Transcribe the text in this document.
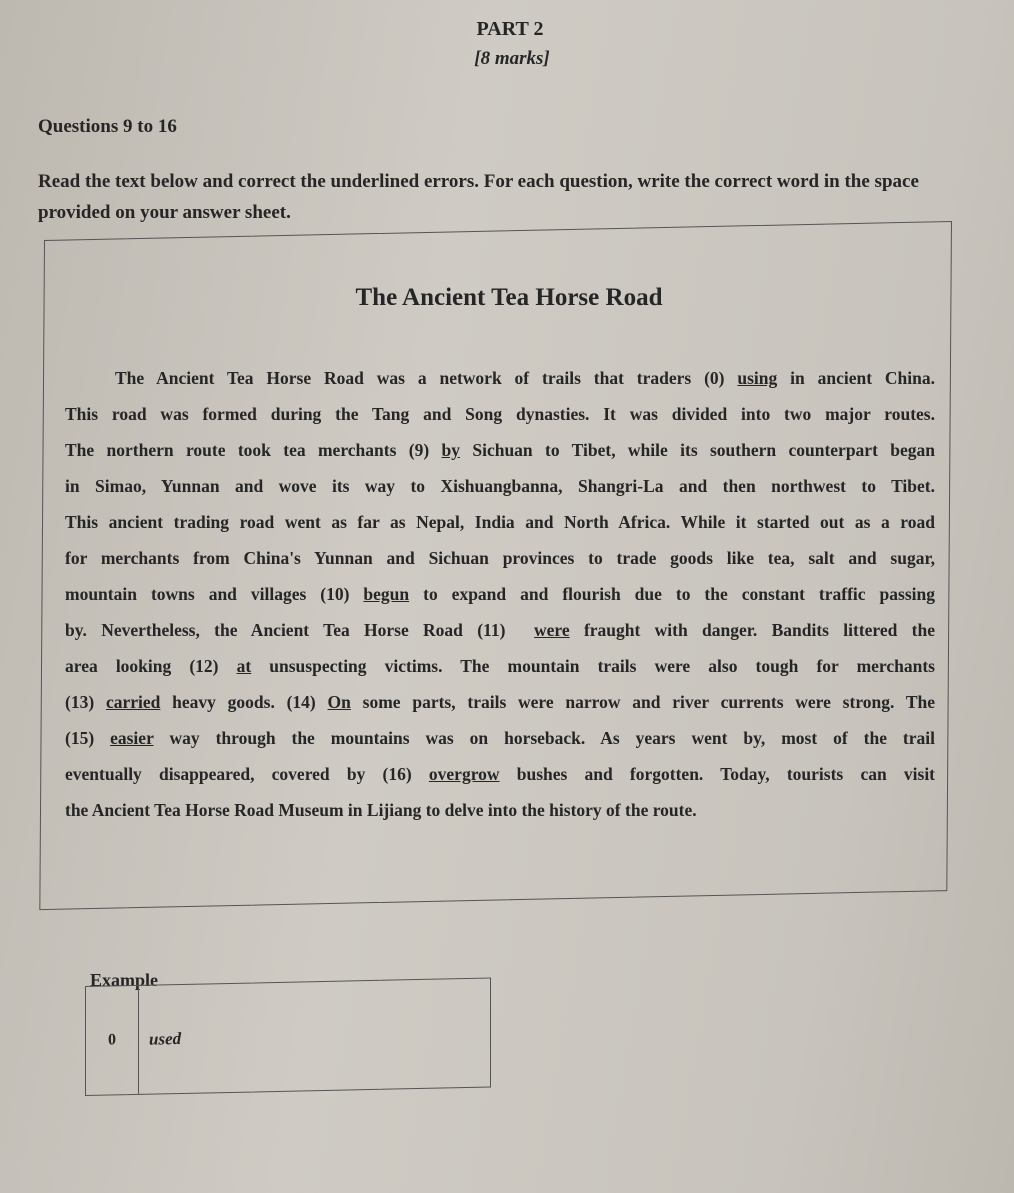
PART 2
[8 marks]
Questions 9 to 16
Read the text below and correct the underlined errors. For each question, write the correct word in the space provided on your answer sheet.
The Ancient Tea Horse Road
The Ancient Tea Horse Road was a network of trails that traders (0) using in ancient China.
This road was formed during the Tang and Song dynasties. It was divided into two major routes.
The northern route took tea merchants (9) by Sichuan to Tibet, while its southern counterpart began
in Simao, Yunnan and wove its way to Xishuangbanna, Shangri-La and then northwest to Tibet.
This ancient trading road went as far as Nepal, India and North Africa. While it started out as a road
for merchants from China's Yunnan and Sichuan provinces to trade goods like tea, salt and sugar,
mountain towns and villages (10) begun to expand and flourish due to the constant traffic passing
by. Nevertheless, the Ancient Tea Horse Road (11)  were fraught with danger. Bandits littered the
area looking (12) at unsuspecting victims. The mountain trails were also tough for merchants
(13) carried heavy goods. (14) On some parts, trails were narrow and river currents were strong. The
(15) easier way through the mountains was on horseback. As years went by, most of the trail
eventually disappeared, covered by (16) overgrow bushes and forgotten. Today, tourists can visit
the Ancient Tea Horse Road Museum in Lijiang to delve into the history of the route.
Example
0	used
